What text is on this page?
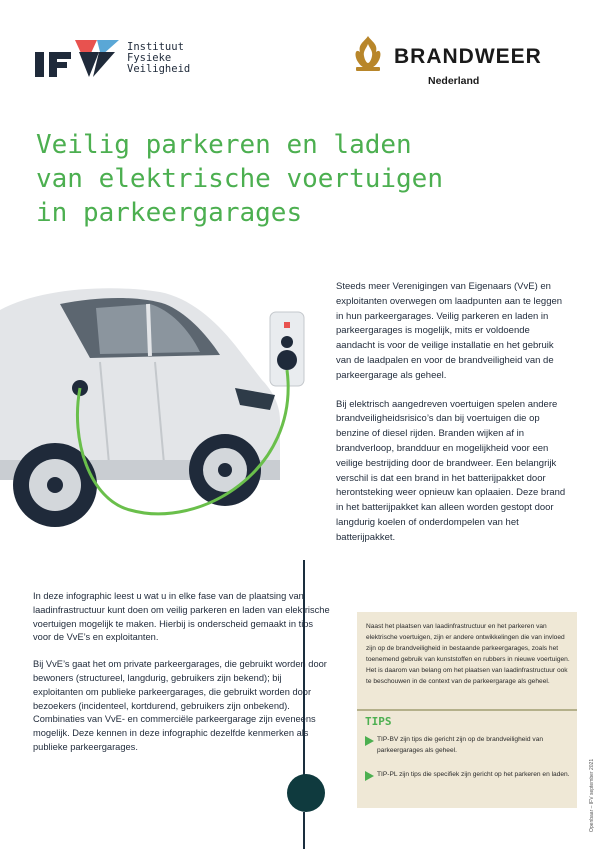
Instituut
Fysieke
Veiligheid
BRANDWEER
Nederland
Veilig parkeren en laden
van elektrische voertuigen
in parkeergarages

Steeds meer Verenigingen van Eigenaars (VvE) en exploitanten overwegen om laadpunten aan te leggen in hun parkeergarages. Veilig parkeren en laden in parkeergarages is mogelijk, mits er voldoende aandacht is voor de veilige installatie en het gebruik van de laadpalen en voor de brandveiligheid van de parkeergarage als geheel.

Bij elektrisch aangedreven voertuigen spelen andere brandveiligheidsrisico’s dan bij voertuigen die op benzine of diesel rijden. Branden wijken af in brandverloop, brandduur en mogelijkheid voor een veilige bestrijding door de brandweer. Een belangrijk verschil is dat een brand in het batterijpakket door herontsteking weer opnieuw kan oplaaien. Deze brand in het batterijpakket kan alleen worden gestopt door langdurig koelen of onderdompelen van het batterijpakket.

In deze infographic leest u wat u in elke fase van de plaatsing van laadinfrastructuur kunt doen om veilig parkeren en laden van elektrische voertuigen mogelijk te maken. Hierbij is onderscheid gemaakt in tips voor de VvE’s en exploitanten.

Bij VvE’s gaat het om private parkeergarages, die gebruikt worden door bewoners (structureel, langdurig, gebruikers zijn bekend); bij exploitanten om publieke parkeergarages, die gebruikt worden door bezoekers (incidenteel, kortdurend, gebruikers zijn onbekend).
Combinaties van VvE- en commerciële parkeergarage zijn eveneens mogelijk. Deze kennen in deze infographic dezelfde kenmerken als publieke parkeergarages.

Naast het plaatsen van laadinfrastructuur en het parkeren van elektrische voertuigen, zijn er andere ontwikkelingen die van invloed zijn op de brandveiligheid in bestaande parkeergarages, zoals het toenemend gebruik van kunststoffen en rubbers in nieuwe voertuigen. Het is daarom van belang om het plaatsen van laadinfrastructuur ook te beschouwen in de context van de parkeergarage als geheel.
TIPS
TIP-BV zijn tips die gericht zijn op de brandveiligheid van parkeergarages als geheel.
TIP-PL zijn tips die specifiek zijn gericht op het parkeren en laden.	Openbaar – IFV september 2021
